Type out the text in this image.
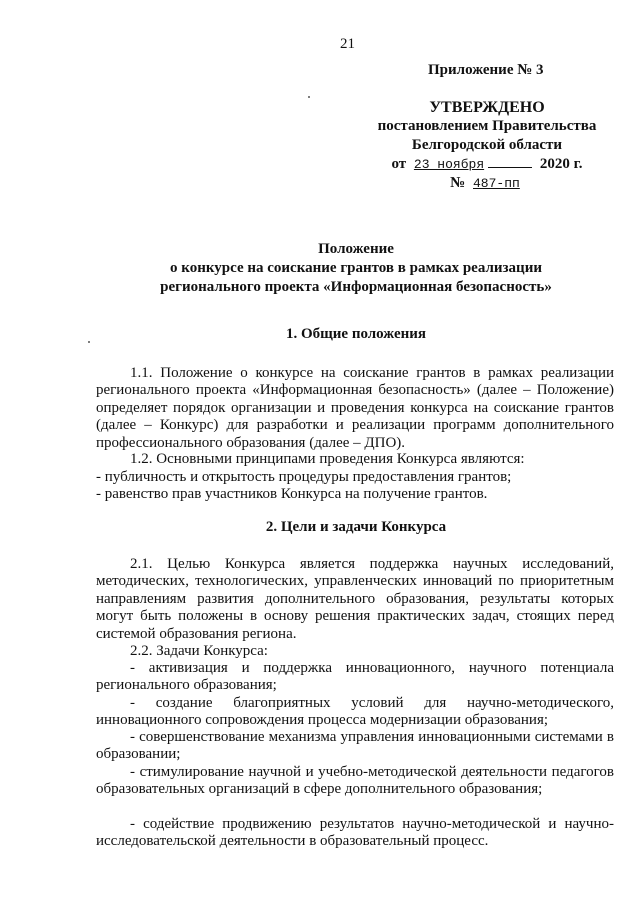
21
Приложение № 3
УТВЕРЖДЕНО
постановлением Правительства
Белгородской области
от 23 ноября	2020 г.
№ 487-пп
Положение
о конкурсе на соискание грантов в рамках реализации
регионального проекта «Информационная безопасность»
1. Общие положения
1.1. Положение о конкурсе на соискание грантов в рамках реализации регионального проекта «Информационная безопасность» (далее – Положение) определяет порядок организации и проведения конкурса на соискание грантов (далее – Конкурс) для разработки и реализации программ дополнительного профессионального образования (далее – ДПО).
1.2. Основными принципами проведения Конкурса являются:
- публичность и открытость процедуры предоставления грантов;
- равенство прав участников Конкурса на получение грантов.
2. Цели и задачи Конкурса
2.1. Целью Конкурса является поддержка научных исследований, методических, технологических, управленческих инноваций по приоритетным направлениям развития дополнительного образования, результаты которых могут быть положены в основу решения практических задач, стоящих перед системой образования региона.
2.2. Задачи Конкурса:
- активизация и поддержка инновационного, научного потенциала регионального образования;
- создание благоприятных условий для научно-методического, инновационного сопровождения процесса модернизации образования;
- совершенствование механизма управления инновационными системами в образовании;
- стимулирование научной и учебно-методической деятельности педагогов образовательных организаций в сфере дополнительного образования;
- содействие продвижению результатов научно-методической и научно-исследовательской деятельности в образовательный процесс.
